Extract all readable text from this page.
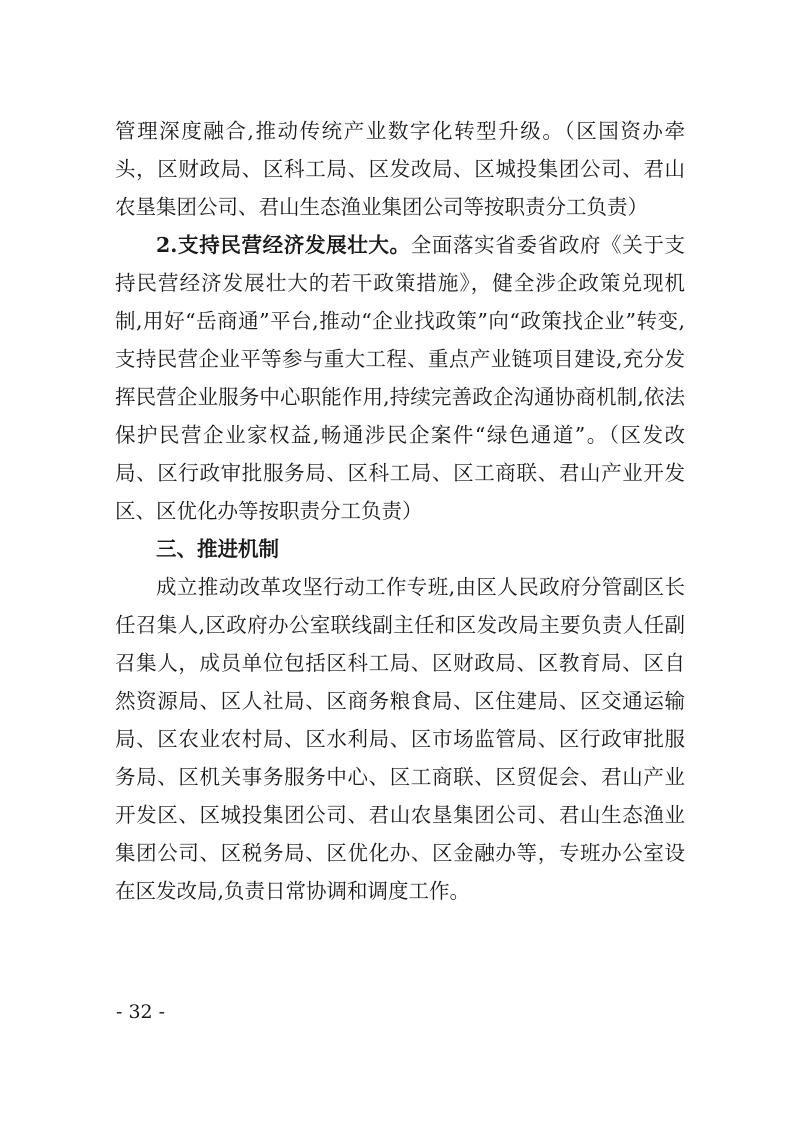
管理深度融合,推动传统产业数字化转型升级。（区国资办牵头，区财政局、区科工局、区发改局、区城投集团公司、君山农垦集团公司、君山生态渔业集团公司等按职责分工负责）

2.支持民营经济发展壮大。全面落实省委省政府《关于支持民营经济发展壮大的若干政策措施》，健全涉企政策兑现机制,用好“岳商通”平台,推动“企业找政策”向“政策找企业”转变,支持民营企业平等参与重大工程、重点产业链项目建设,充分发挥民营企业服务中心职能作用,持续完善政企沟通协商机制,依法保护民营企业家权益,畅通涉民企案件“绿色通道”。（区发改局、区行政审批服务局、区科工局、区工商联、君山产业开发区、区优化办等按职责分工负责）

三、推进机制

成立推动改革攻坚行动工作专班,由区人民政府分管副区长任召集人,区政府办公室联线副主任和区发改局主要负责人任副召集人，成员单位包括区科工局、区财政局、区教育局、区自然资源局、区人社局、区商务粮食局、区住建局、区交通运输局、区农业农村局、区水利局、区市场监管局、区行政审批服务局、区机关事务服务中心、区工商联、区贸促会、君山产业开发区、区城投集团公司、君山农垦集团公司、君山生态渔业集团公司、区税务局、区优化办、区金融办等，专班办公室设在区发改局,负责日常协调和调度工作。

- 32 -
